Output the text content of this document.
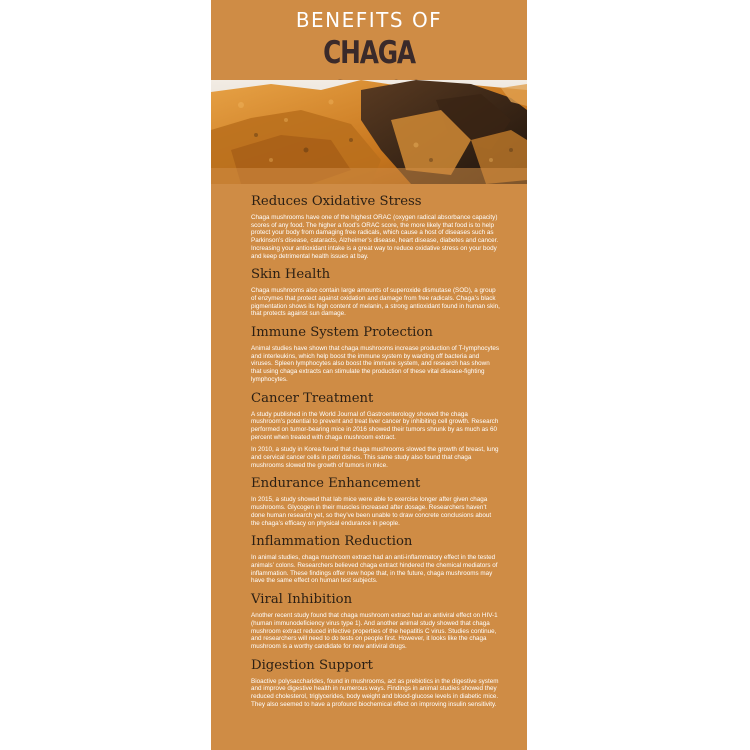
BENEFITS OF
CHAGA
Reduces Oxidative Stress

Chaga mushrooms have one of the highest ORAC (oxygen radical absorbance capacity) scores of any food. The higher a food’s ORAC score, the more likely that food is to help protect your body from damaging free radicals, which cause a host of diseases such as Parkinson’s disease, cataracts, Alzheimer’s disease, heart disease, diabetes and cancer. Increasing your antioxidant intake is a great way to reduce oxidative stress on your body and keep detrimental health issues at bay.

Skin Health

Chaga mushrooms also contain large amounts of superoxide dismutase (SOD), a group of enzymes that protect against oxidation and damage from free radicals. Chaga’s black pigmentation shows its high content of melanin, a strong antioxidant found in human skin, that protects against sun damage.

Immune System Protection

Animal studies have shown that chaga mushrooms increase production of T-lymphocytes and interleukins, which help boost the immune system by warding off bacteria and viruses. Spleen lymphocytes also boost the immune system, and research has shown that using chaga extracts can stimulate the production of these vital disease-fighting lymphocytes.

Cancer Treatment

A study published in the World Journal of Gastroenterology showed the chaga mushroom’s potential to prevent and treat liver cancer by inhibiting cell growth. Research performed on tumor-bearing mice in 2016 showed their tumors shrunk by as much as 60 percent when treated with chaga mushroom extract.

In 2010, a study in Korea found that chaga mushrooms slowed the growth of breast, lung and cervical cancer cells in petri dishes. This same study also found that chaga mushrooms slowed the growth of tumors in mice.

Endurance Enhancement

In 2015, a study showed that lab mice were able to exercise longer after given chaga mushrooms. Glycogen in their muscles increased after dosage. Researchers haven’t done human research yet, so they’ve been unable to draw concrete conclusions about the chaga’s efficacy on physical endurance in people.

Inflammation Reduction

In animal studies, chaga mushroom extract had an anti-inflammatory effect in the tested animals’ colons. Researchers believed chaga extract hindered the chemical mediators of inflammation. These findings offer new hope that, in the future, chaga mushrooms may have the same effect on human test subjects.

Viral Inhibition

Another recent study found that chaga mushroom extract had an antiviral effect on HIV-1 (human immunodeficiency virus type 1). And another animal study showed that chaga mushroom extract reduced infective properties of the hepatitis C virus. Studies continue, and researchers will need to do tests on people first. However, it looks like the chaga mushroom is a worthy candidate for new antiviral drugs.

Digestion Support

Bioactive polysaccharides, found in mushrooms, act as prebiotics in the digestive system and improve digestive health in numerous ways. Findings in animal studies showed they reduced cholesterol, triglycerides, body weight and blood-glucose levels in diabetic mice. They also seemed to have a profound biochemical effect on improving insulin sensitivity.
